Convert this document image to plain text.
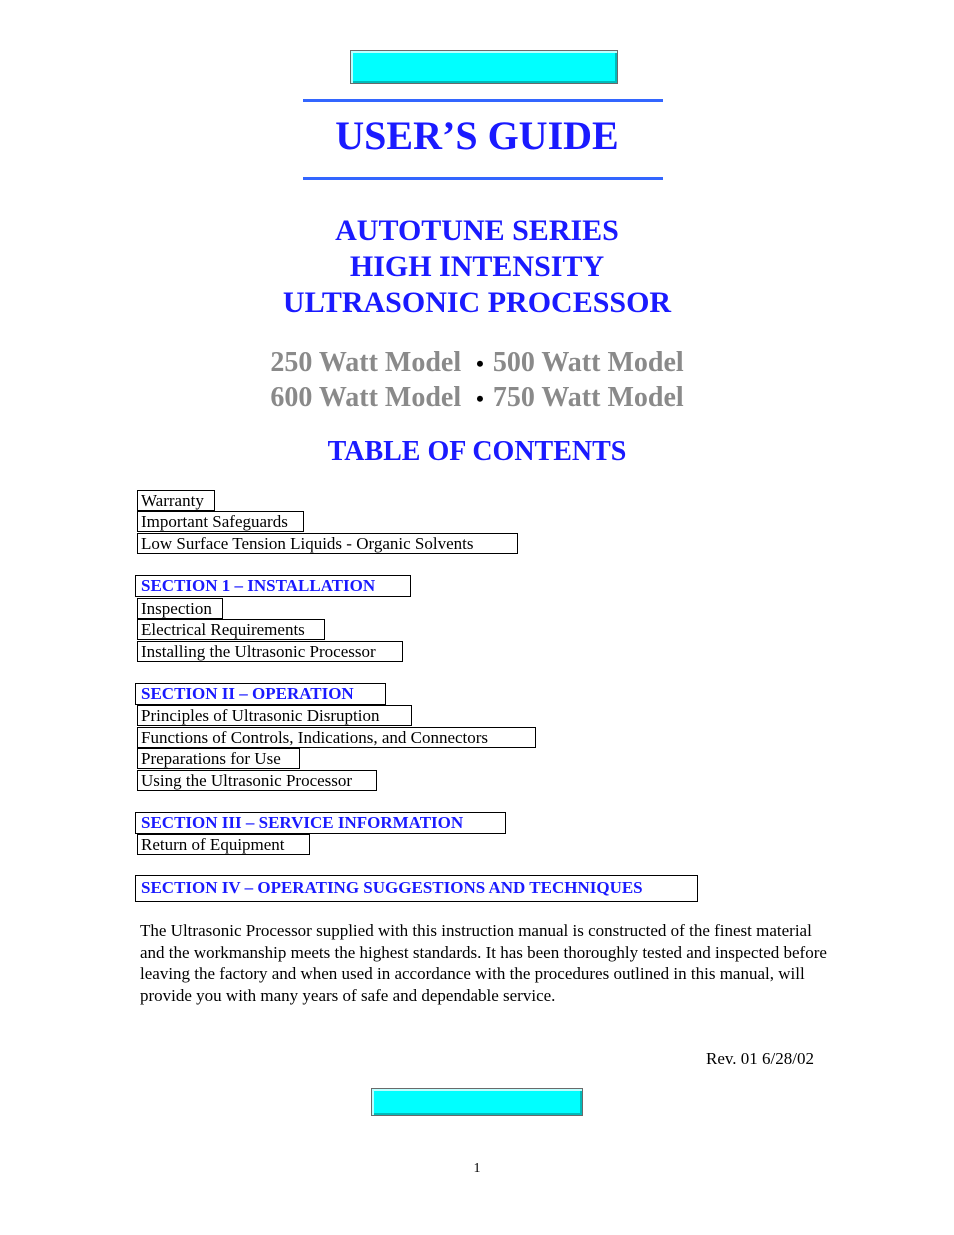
USER’S GUIDE
AUTOTUNE SERIES
HIGH INTENSITY
ULTRASONIC PROCESSOR
250 Watt Model • 500 Watt Model
600 Watt Model • 750 Watt Model
TABLE OF CONTENTS
Warranty
Important Safeguards
Low Surface Tension Liquids - Organic Solvents
SECTION 1 – INSTALLATION
Inspection
Electrical Requirements
Installing the Ultrasonic Processor
SECTION II – OPERATION
Principles of Ultrasonic Disruption
Functions of Controls, Indications, and Connectors
Preparations for Use
Using the Ultrasonic Processor
SECTION III – SERVICE INFORMATION
Return of Equipment
SECTION IV – OPERATING SUGGESTIONS AND TECHNIQUES
The Ultrasonic Processor supplied with this instruction manual is constructed of the finest material and the workmanship meets the highest standards. It has been thoroughly tested and inspected before leaving the factory and when used in accordance with the procedures outlined in this manual, will provide you with many years of safe and dependable service.
Rev. 01 6/28/02
1
